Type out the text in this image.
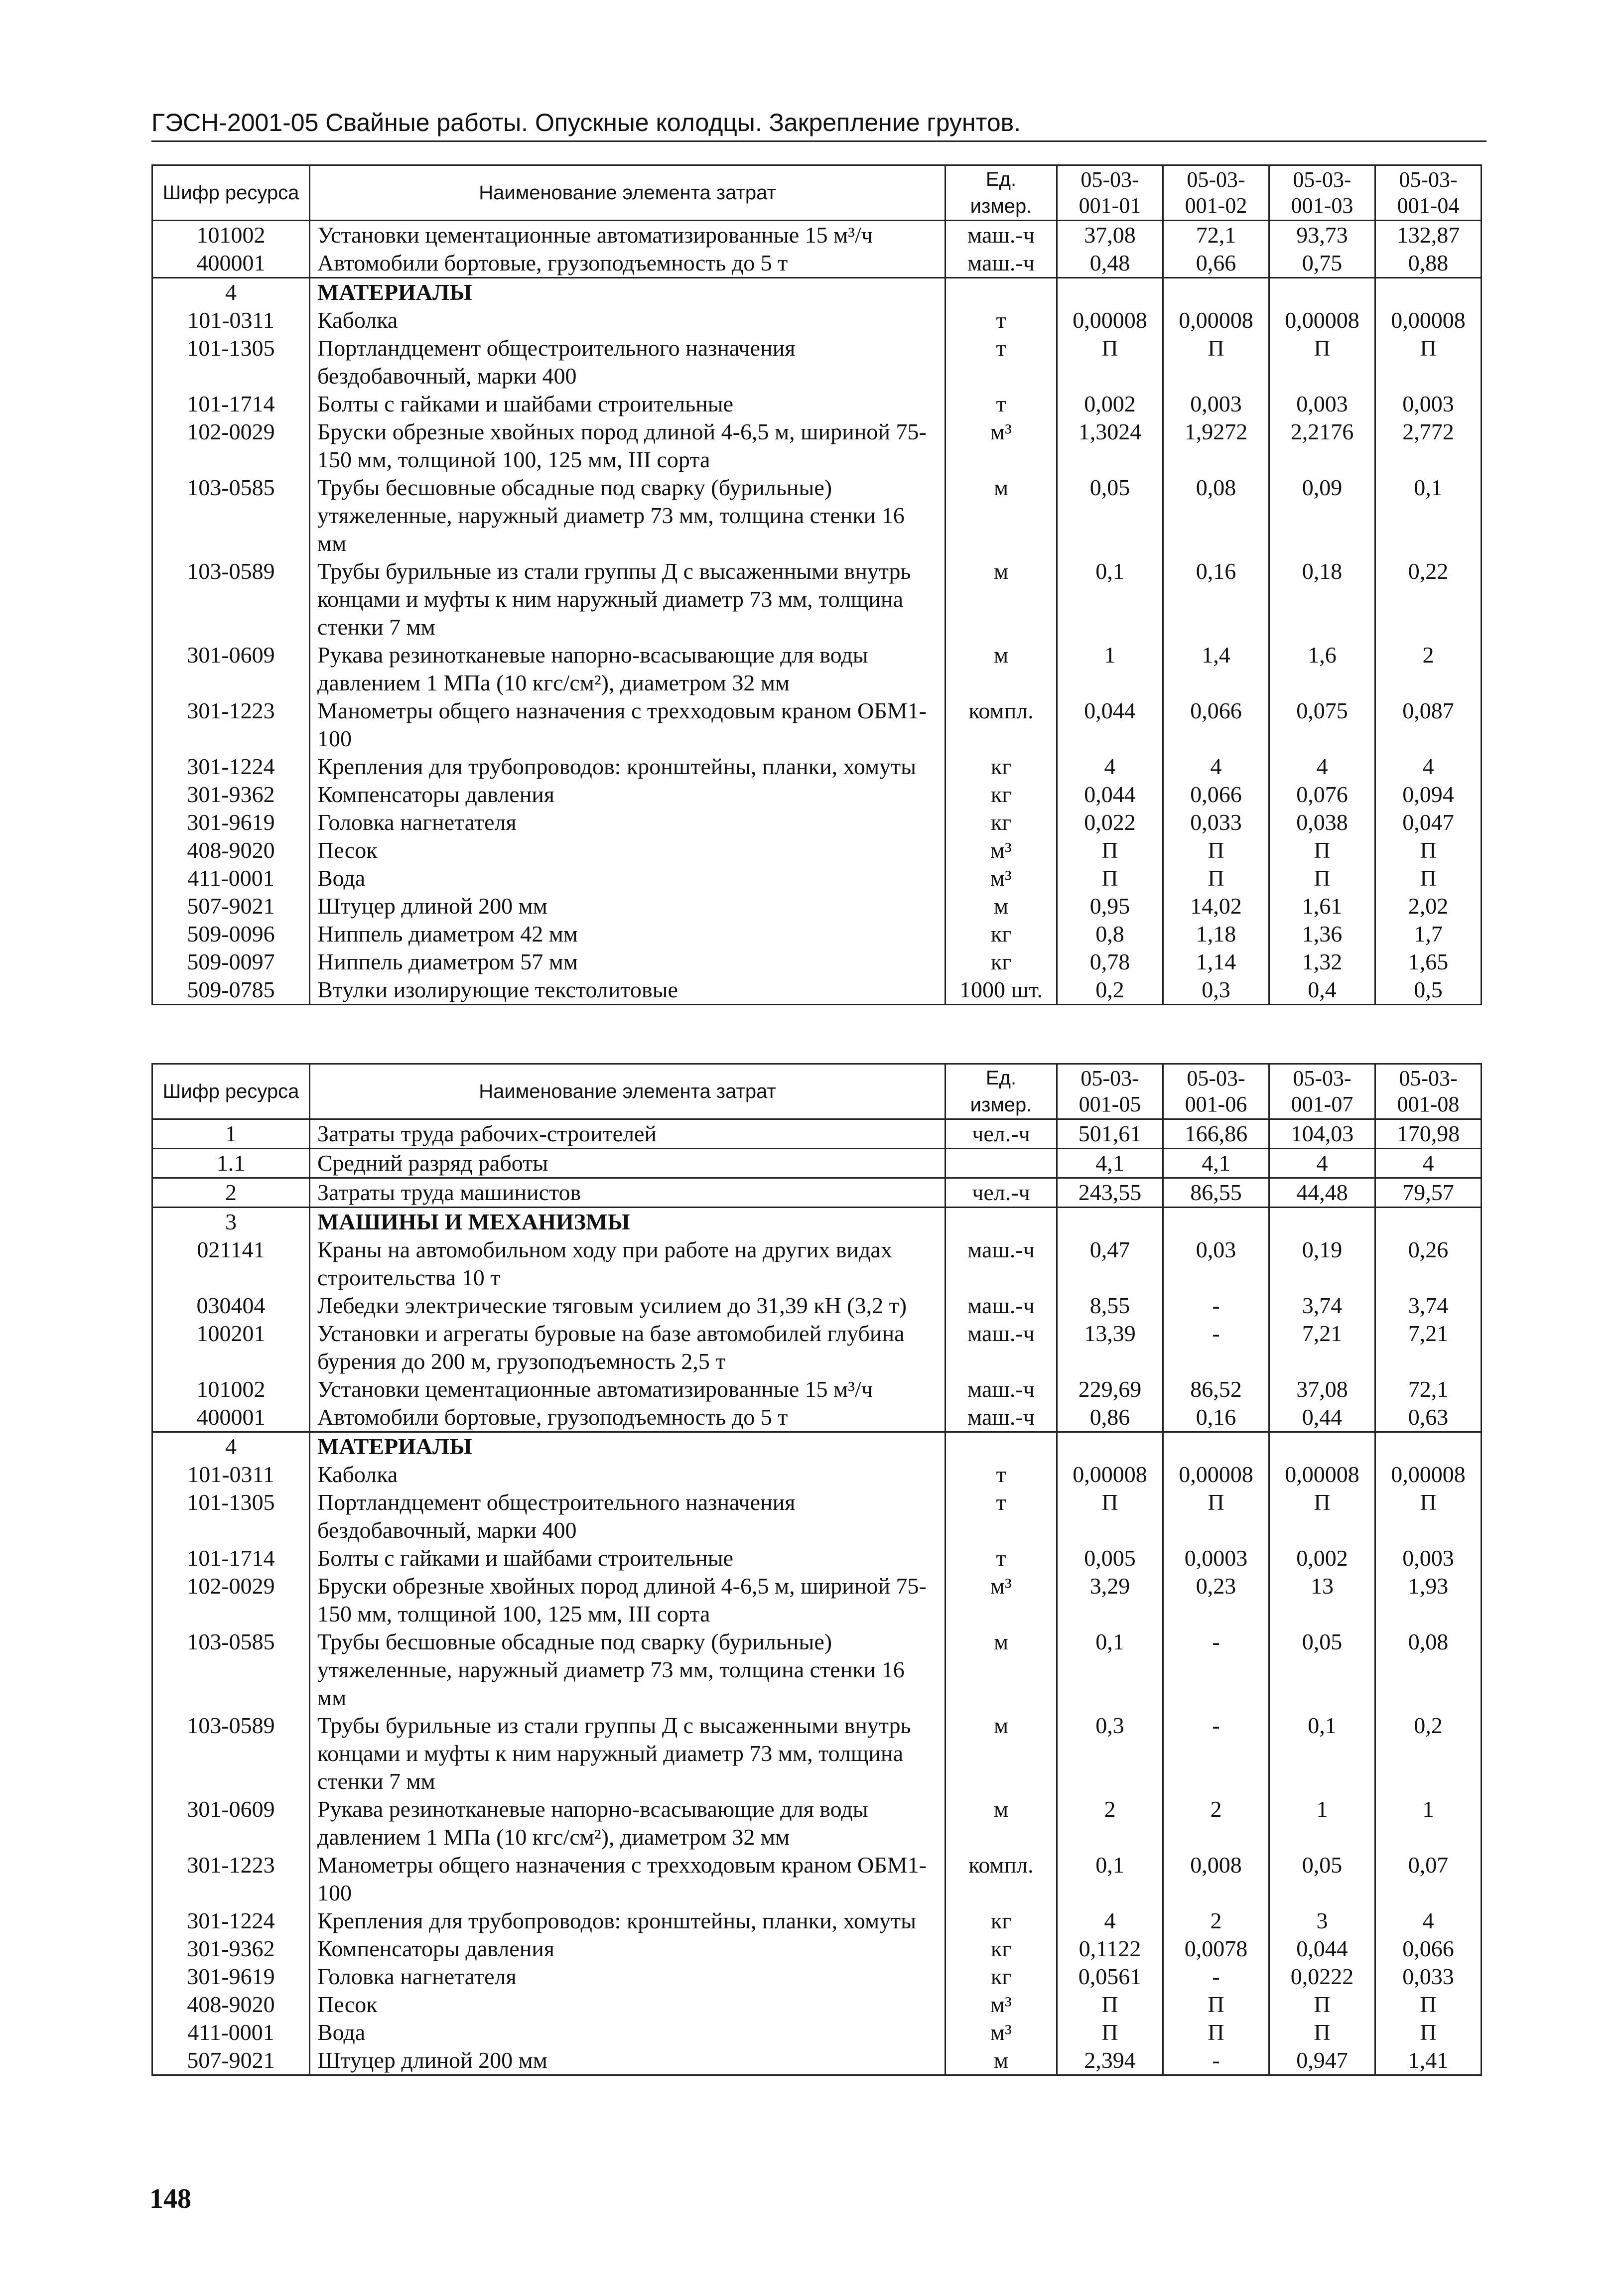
ГЭСН-2001-05 Свайные работы. Опускные колодцы. Закрепление грунтов.
Шифр ресурса	Наименование элемента затрат	Ед. измер.	05-03-001-01	05-03-001-02	05-03-001-03	05-03-001-04
101002	Установки цементационные автоматизированные 15 м³/ч	маш.-ч	37,08	72,1	93,73	132,87
400001	Автомобили бортовые, грузоподъемность до 5 т	маш.-ч	0,48	0,66	0,75	0,88
4	МАТЕРИАЛЫ					
101-0311	Каболка	т	0,00008	0,00008	0,00008	0,00008
101-1305	Портландцемент общестроительного назначения бездобавочный, марки 400	т	П	П	П	П
101-1714	Болты с гайками и шайбами строительные	т	0,002	0,003	0,003	0,003
102-0029	Бруски обрезные хвойных пород длиной 4-6,5 м, шириной 75-150 мм, толщиной 100, 125 мм, III сорта	м³	1,3024	1,9272	2,2176	2,772
103-0585	Трубы бесшовные обсадные под сварку (бурильные) утяжеленные, наружный диаметр 73 мм, толщина стенки 16 мм	м	0,05	0,08	0,09	0,1
103-0589	Трубы бурильные из стали группы Д с высаженными внутрь концами и муфты к ним наружный диаметр 73 мм, толщина стенки 7 мм	м	0,1	0,16	0,18	0,22
301-0609	Рукава резинотканевые напорно-всасывающие для воды давлением 1 МПа (10 кгс/см²), диаметром 32 мм	м	1	1,4	1,6	2
301-1223	Манометры общего назначения с трехходовым краном ОБМ1-100	компл.	0,044	0,066	0,075	0,087
301-1224	Крепления для трубопроводов: кронштейны, планки, хомуты	кг	4	4	4	4
301-9362	Компенсаторы давления	кг	0,044	0,066	0,076	0,094
301-9619	Головка нагнетателя	кг	0,022	0,033	0,038	0,047
408-9020	Песок	м³	П	П	П	П
411-0001	Вода	м³	П	П	П	П
507-9021	Штуцер длиной 200 мм	м	0,95	14,02	1,61	2,02
509-0096	Ниппель диаметром 42 мм	кг	0,8	1,18	1,36	1,7
509-0097	Ниппель диаметром 57 мм	кг	0,78	1,14	1,32	1,65
509-0785	Втулки изолирующие текстолитовые	1000 шт.	0,2	0,3	0,4	0,5
Шифр ресурса	Наименование элемента затрат	Ед. измер.	05-03-001-05	05-03-001-06	05-03-001-07	05-03-001-08
1	Затраты труда рабочих-строителей	чел.-ч	501,61	166,86	104,03	170,98
1.1	Средний разряд работы		4,1	4,1	4	4
2	Затраты труда машинистов	чел.-ч	243,55	86,55	44,48	79,57
3	МАШИНЫ И МЕХАНИЗМЫ					
021141	Краны на автомобильном ходу при работе на других видах строительства 10 т	маш.-ч	0,47	0,03	0,19	0,26
030404	Лебедки электрические тяговым усилием до 31,39 кН (3,2 т)	маш.-ч	8,55	-	3,74	3,74
100201	Установки и агрегаты буровые на базе автомобилей глубина бурения до 200 м, грузоподъемность 2,5 т	маш.-ч	13,39	-	7,21	7,21
101002	Установки цементационные автоматизированные 15 м³/ч	маш.-ч	229,69	86,52	37,08	72,1
400001	Автомобили бортовые, грузоподъемность до 5 т	маш.-ч	0,86	0,16	0,44	0,63
4	МАТЕРИАЛЫ					
101-0311	Каболка	т	0,00008	0,00008	0,00008	0,00008
101-1305	Портландцемент общестроительного назначения бездобавочный, марки 400	т	П	П	П	П
101-1714	Болты с гайками и шайбами строительные	т	0,005	0,0003	0,002	0,003
102-0029	Бруски обрезные хвойных пород длиной 4-6,5 м, шириной 75-150 мм, толщиной 100, 125 мм, III сорта	м³	3,29	0,23	13	1,93
103-0585	Трубы бесшовные обсадные под сварку (бурильные) утяжеленные, наружный диаметр 73 мм, толщина стенки 16 мм	м	0,1	-	0,05	0,08
103-0589	Трубы бурильные из стали группы Д с высаженными внутрь концами и муфты к ним наружный диаметр 73 мм, толщина стенки 7 мм	м	0,3	-	0,1	0,2
301-0609	Рукава резинотканевые напорно-всасывающие для воды давлением 1 МПа (10 кгс/см²), диаметром 32 мм	м	2	2	1	1
301-1223	Манометры общего назначения с трехходовым краном ОБМ1-100	компл.	0,1	0,008	0,05	0,07
301-1224	Крепления для трубопроводов: кронштейны, планки, хомуты	кг	4	2	3	4
301-9362	Компенсаторы давления	кг	0,1122	0,0078	0,044	0,066
301-9619	Головка нагнетателя	кг	0,0561	-	0,0222	0,033
408-9020	Песок	м³	П	П	П	П
411-0001	Вода	м³	П	П	П	П
507-9021	Штуцер длиной 200 мм	м	2,394	-	0,947	1,41
148
